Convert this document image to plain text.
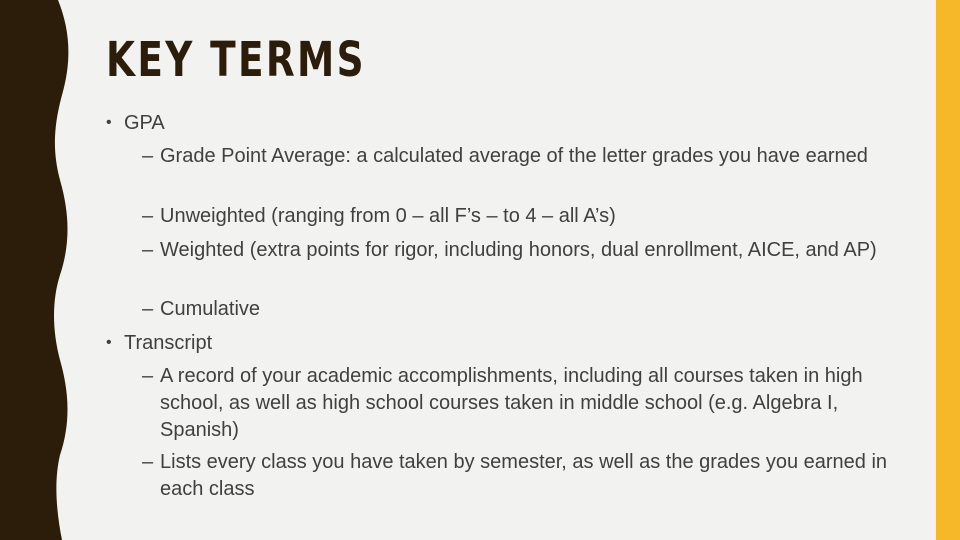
KEY TERMS
• GPA
– Grade Point Average: a calculated average of the letter grades you have earned
– Unweighted (ranging from 0 – all F’s – to 4 – all A’s)
– Weighted (extra points for rigor, including honors, dual enrollment, AICE, and AP)
– Cumulative
• Transcript
– A record of your academic accomplishments, including all courses taken in high school, as well as high school courses taken in middle school (e.g. Algebra I, Spanish)
– Lists every class you have taken by semester, as well as the grades you earned in each class
